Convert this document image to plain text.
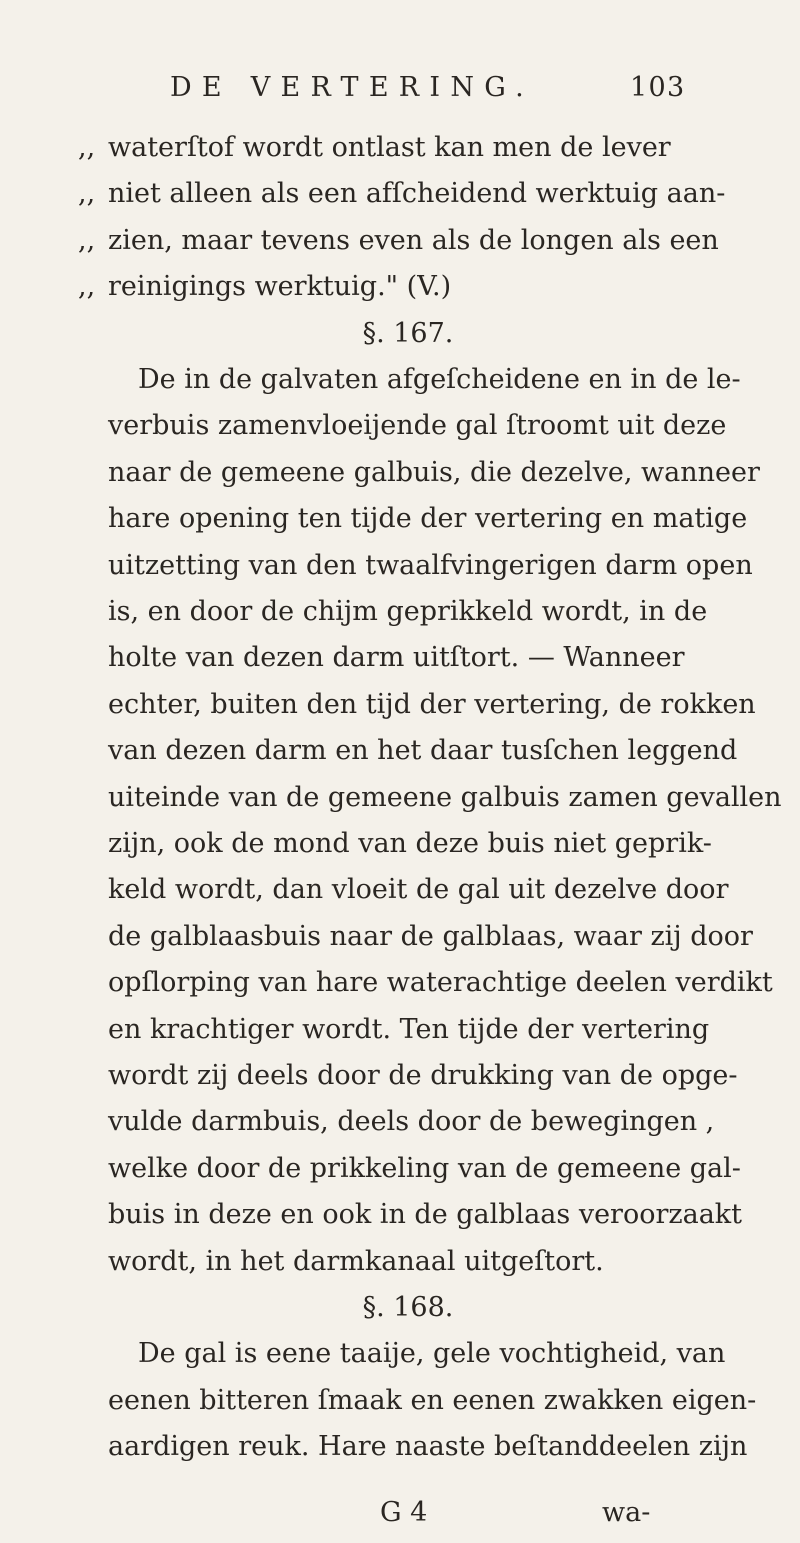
DE VERTERING.	103
,, waterſtof wordt ontlast kan men de lever
,, niet alleen als een afſcheidend werktuig aan-
,, zien, maar tevens even als de longen als een
,, reinigings werktuig." (V.)
§. 167.
De in de galvaten afgeſcheidene en in de le-
verbuis zamenvloeijende gal ſtroomt uit deze
naar de gemeene galbuis, die dezelve, wanneer
hare opening ten tijde der vertering en matige
uitzetting van den twaalfvingerigen darm open
is, en door de chijm geprikkeld wordt, in de
holte van dezen darm uitſtort. — Wanneer
echter, buiten den tijd der vertering, de rokken
van dezen darm en het daar tusſchen leggend
uiteinde van de gemeene galbuis zamen gevallen
zijn, ook de mond van deze buis niet geprik-
keld wordt, dan vloeit de gal uit dezelve door
de galblaasbuis naar de galblaas, waar zij door
opſlorping van hare waterachtige deelen verdikt
en krachtiger wordt. Ten tijde der vertering
wordt zij deels door de drukking van de opge-
vulde darmbuis, deels door de bewegingen ,
welke door de prikkeling van de gemeene gal-
buis in deze en ook in de galblaas veroorzaakt
wordt, in het darmkanaal uitgeſtort.
§. 168.
De gal is eene taaije, gele vochtigheid, van
eenen bitteren ſmaak en eenen zwakken eigen-
aardigen reuk. Hare naaste beſtanddeelen zijn
G 4	wa-
